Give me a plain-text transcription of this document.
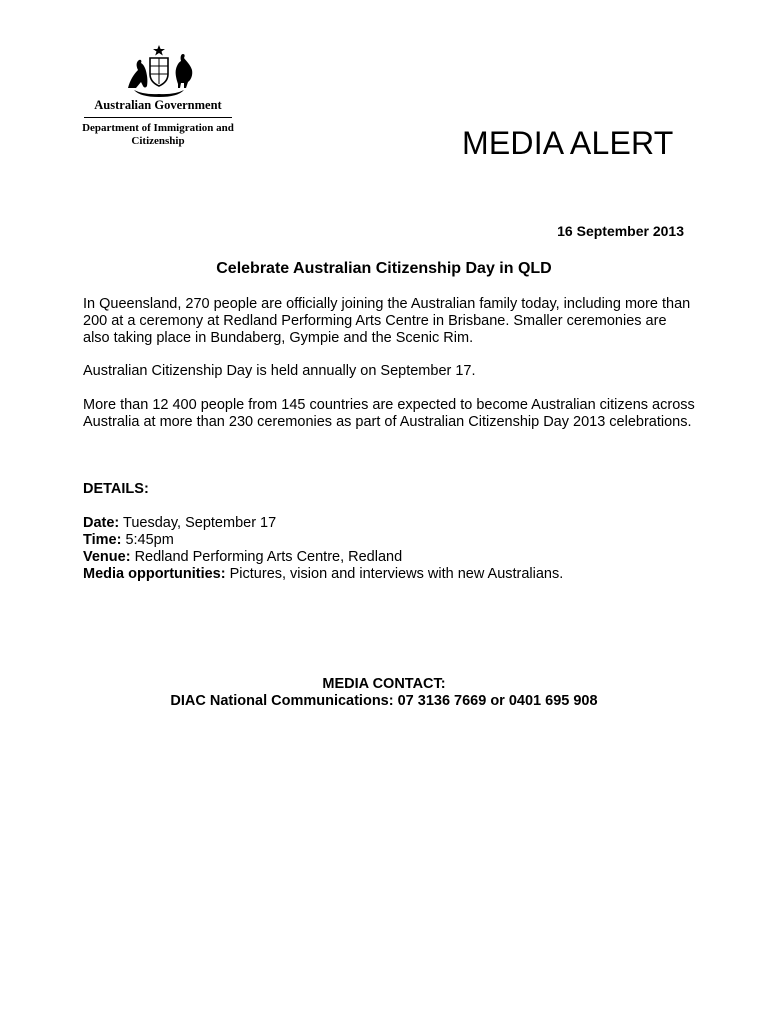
Australian Government
Department of Immigration and Citizenship	MEDIA ALERT
16 September 2013
Celebrate Australian Citizenship Day in QLD
In Queensland, 270 people are officially joining the Australian family today, including more than 200 at a ceremony at Redland Performing Arts Centre in Brisbane. Smaller ceremonies are also taking place in Bundaberg, Gympie and the Scenic Rim.
Australian Citizenship Day is held annually on September 17.
More than 12 400 people from 145 countries are expected to become Australian citizens across Australia at more than 230 ceremonies as part of Australian Citizenship Day 2013 celebrations.
DETAILS:
Date: Tuesday, September 17
Time: 5:45pm
Venue: Redland Performing Arts Centre, Redland
Media opportunities: Pictures, vision and interviews with new Australians.
MEDIA CONTACT:
DIAC National Communications: 07 3136 7669 or 0401 695 908
